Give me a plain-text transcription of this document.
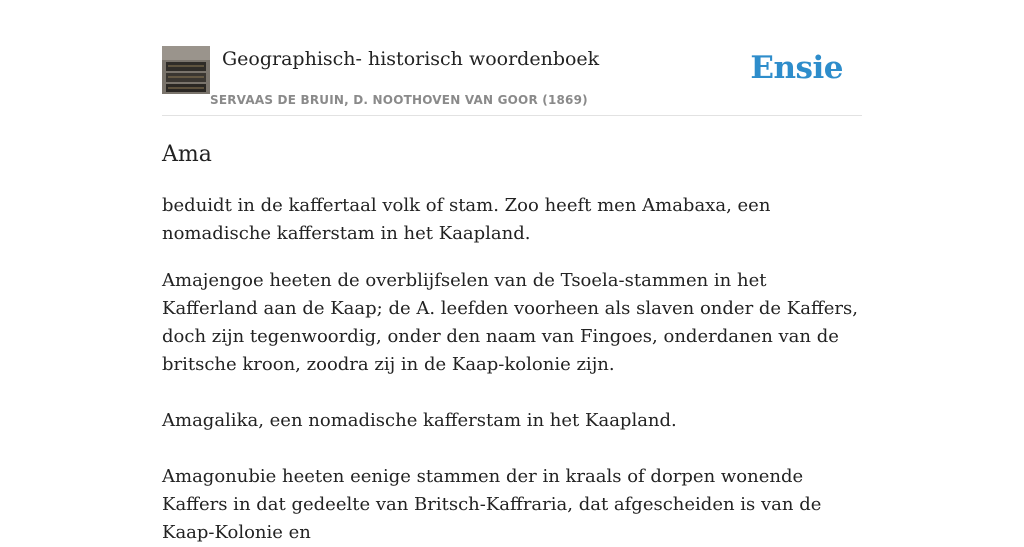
Geographisch- historisch woordenboek
SERVAAS DE BRUIN, D. NOOTHOVEN VAN GOOR (1869)
Ensie
Ama

beduidt in de kaffertaal volk of stam. Zoo heeft men Amabaxa, een nomadische kafferstam in het Kaapland.

Amajengoe heeten de overblijfselen van de Tsoela-stammen in het Kafferland aan de Kaap; de A. leefden voorheen als slaven onder de Kaffers, doch zijn tegenwoordig, onder den naam van Fingoes, onderdanen van de britsche kroon, zoodra zij in de Kaap-kolonie zijn.

Amagalika, een nomadische kafferstam in het Kaapland.

Amagonubie heeten eenige stammen der in kraals of dorpen wonende Kaffers in dat gedeelte van Britsch-Kaffraria, dat afgescheiden is van de Kaap-Kolonie en
